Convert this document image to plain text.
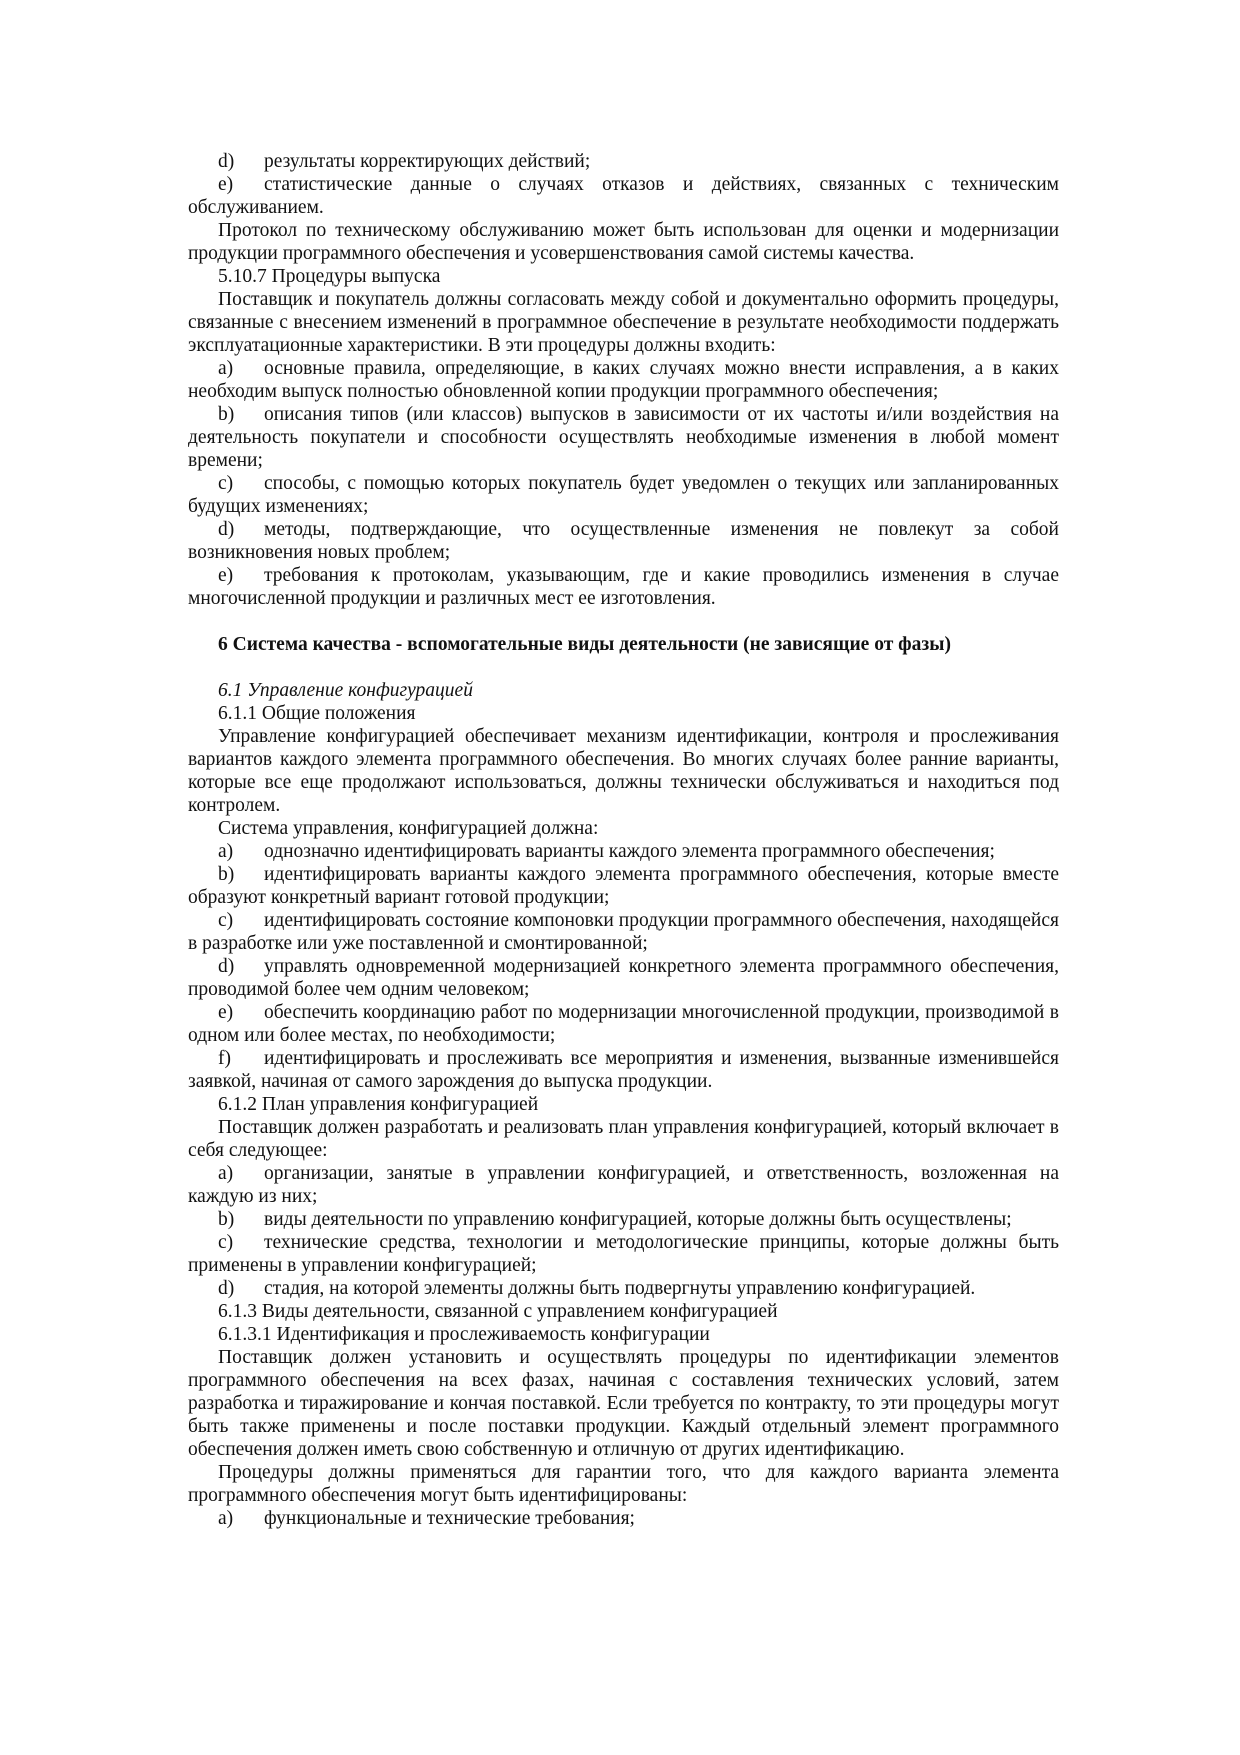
d) результаты корректирующих действий;

e) статистические данные о случаях отказов и действиях, связанных с техническим обслуживанием.

Протокол по техническому обслуживанию может быть использован для оценки и модернизации продукции программного обеспечения и усовершенствования самой системы качества.

5.10.7 Процедуры выпуска

Поставщик и покупатель должны согласовать между собой и документально оформить процедуры, связанные с внесением изменений в программное обеспечение в результате необходимости поддержать эксплуатационные характеристики. В эти процедуры должны входить:

a) основные правила, определяющие, в каких случаях можно внести исправления, а в каких необходим выпуск полностью обновленной копии продукции программного обеспечения;

b) описания типов (или классов) выпусков в зависимости от их частоты и/или воздействия на деятельность покупатели и способности осуществлять необходимые изменения в любой момент времени;

c) способы, с помощью которых покупатель будет уведомлен о текущих или запланированных будущих изменениях;

d) методы, подтверждающие, что осуществленные изменения не повлекут за собой возникновения новых проблем;

e) требования к протоколам, указывающим, где и какие проводились изменения в случае многочисленной продукции и различных мест ее изготовления.

6 Система качества - вспомогательные виды деятельности (не зависящие от фазы)

6.1 Управление конфигурацией

6.1.1 Общие положения

Управление конфигурацией обеспечивает механизм идентификации, контроля и прослеживания вариантов каждого элемента программного обеспечения. Во многих случаях более ранние варианты, которые все еще продолжают использоваться, должны технически обслуживаться и находиться под контролем.

Система управления, конфигурацией должна:

a) однозначно идентифицировать варианты каждого элемента программного обеспечения;

b) идентифицировать варианты каждого элемента программного обеспечения, которые вместе образуют конкретный вариант готовой продукции;

c) идентифицировать состояние компоновки продукции программного обеспечения, находящейся в разработке или уже поставленной и смонтированной;

d) управлять одновременной модернизацией конкретного элемента программного обеспечения, проводимой более чем одним человеком;

e) обеспечить координацию работ по модернизации многочисленной продукции, производимой в одном или более местах, по необходимости;

f) идентифицировать и прослеживать все мероприятия и изменения, вызванные изменившейся заявкой, начиная от самого зарождения до выпуска продукции.

6.1.2 План управления конфигурацией

Поставщик должен разработать и реализовать план управления конфигурацией, который включает в себя следующее:

a) организации, занятые в управлении конфигурацией, и ответственность, возложенная на каждую из них;

b) виды деятельности по управлению конфигурацией, которые должны быть осуществлены;

c) технические средства, технологии и методологические принципы, которые должны быть применены в управлении конфигурацией;

d) стадия, на которой элементы должны быть подвергнуты управлению конфигурацией.

6.1.3 Виды деятельности, связанной с управлением конфигурацией

6.1.3.1 Идентификация и прослеживаемость конфигурации

Поставщик должен установить и осуществлять процедуры по идентификации элементов программного обеспечения на всех фазах, начиная с составления технических условий, затем разработка и тиражирование и кончая поставкой. Если требуется по контракту, то эти процедуры могут быть также применены и после поставки продукции. Каждый отдельный элемент программного обеспечения должен иметь свою собственную и отличную от других идентификацию.

Процедуры должны применяться для гарантии того, что для каждого варианта элемента программного обеспечения могут быть идентифицированы:

a) функциональные и технические требования;
